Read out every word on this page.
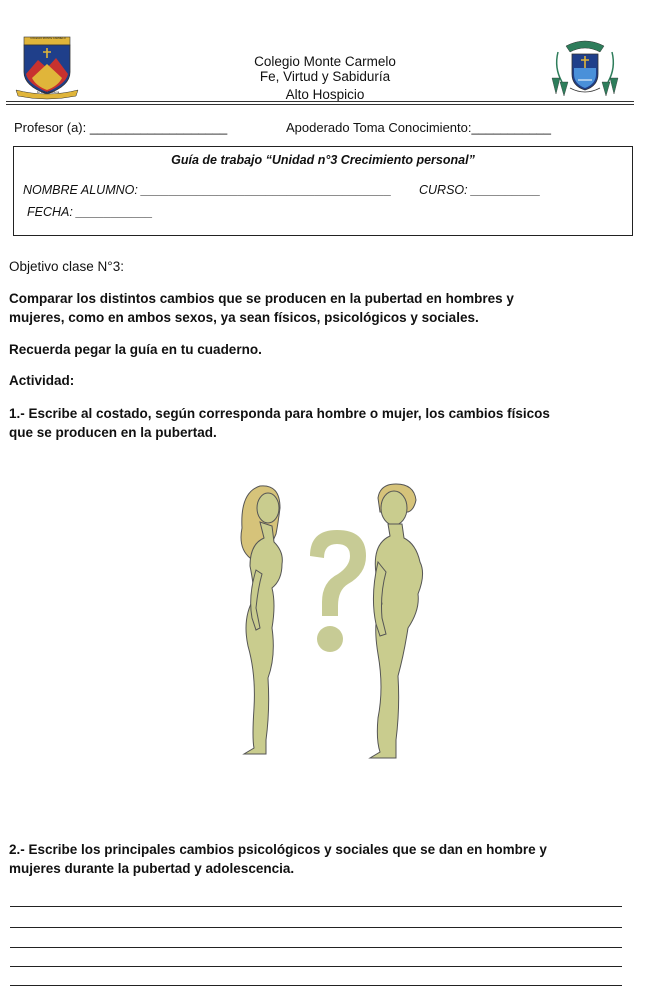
COLEGIO MONTE CARMELO
Fe Virtud Sabiduría
Colegio Monte Carmelo
Fe, Virtud y Sabiduría
Alto Hospicio
Profesor (a): ___________________	Apoderado Toma Conocimiento:___________
Guía de trabajo “Unidad n°3 Crecimiento personal”
NOMBRE ALUMNO: ____________________________________ CURSO: __________
FECHA: ___________
Objetivo clase N°3:
Comparar los distintos cambios que se producen en la pubertad en hombres y
mujeres, como en ambos sexos, ya sean físicos, psicológicos y sociales.
Recuerda pegar la guía en tu cuaderno.
Actividad:
1.- Escribe al costado, según corresponda para hombre o mujer, los cambios físicos
que se producen en la pubertad.
2.- Escribe los principales cambios psicológicos y sociales que se dan en hombre y
mujeres durante la pubertad y adolescencia.
